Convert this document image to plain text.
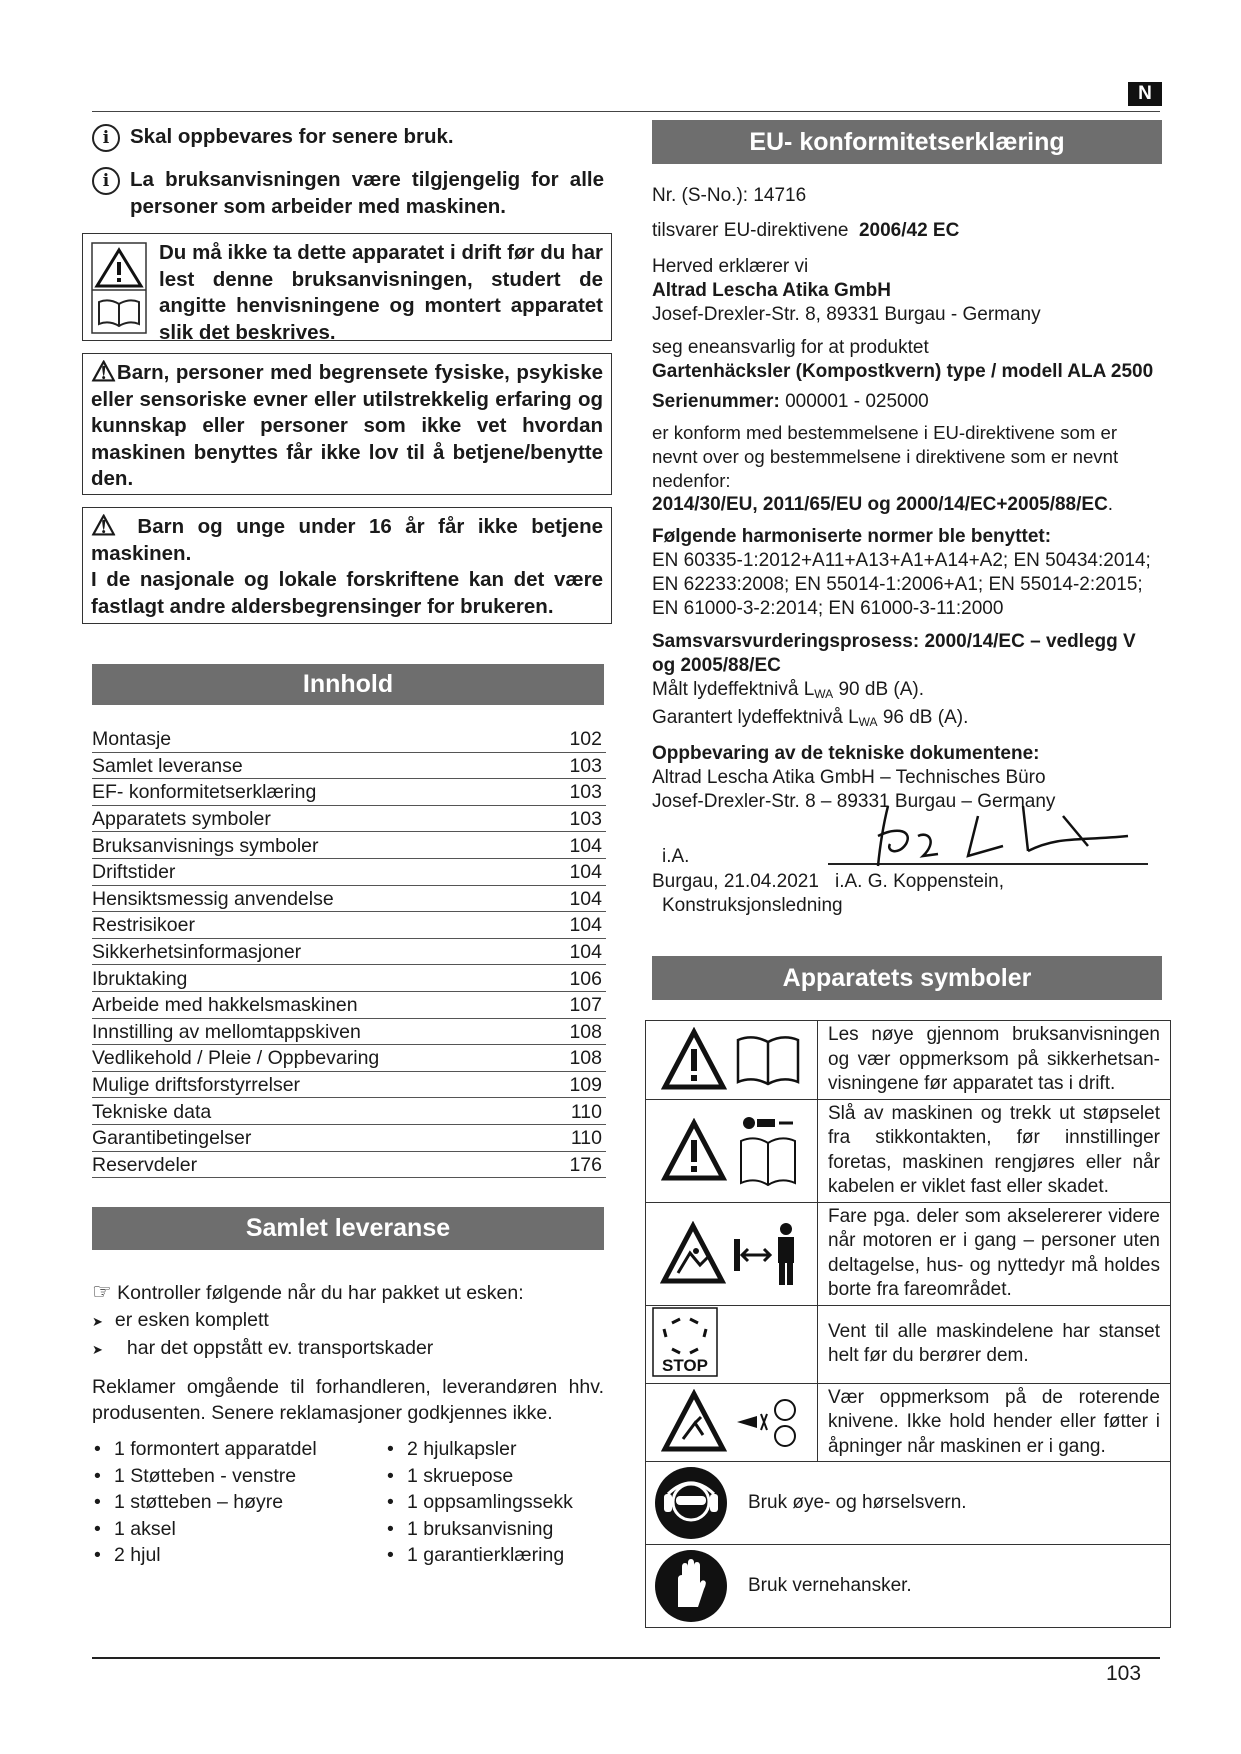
N
i	Skal oppbevares for senere bruk.
i	La bruksanvisningen være tilgjengelig for alle personer som arbeider med maskinen.

Du må ikke ta dette apparatet i drift før du har lest denne bruksanvisningen, studert de angitte henvisningene og montert apparatet slik det beskrives.

⚠Barn, personer med begrensete fysiske, psykiske eller sensoriske evner eller utilstrekkelig erfaring og kunnskap eller personer som ikke vet hvordan maskinen benyttes får ikke lov til å betjene/benytte den.

⚠ Barn og unge under 16 år får ikke betjene maskinen.

I de nasjonale og lokale forskriftene kan det være fastlagt andre aldersbegrensinger for brukeren.

Innhold
Montasje	102
Samlet leveranse	103
EF- konformitetserklæring	103
Apparatets symboler	103
Bruksanvisnings symboler	104
Driftstider	104
Hensiktsmessig anvendelse	104
Restrisikoer	104
Sikkerhetsinformasjoner	104
Ibruktaking	106
Arbeide med hakkelsmaskinen	107
Innstilling av mellomtappskiven	108
Vedlikehold / Pleie / Oppbevaring	108
Mulige driftsforstyrrelser	109
Tekniske data	110
Garantibetingelser	110
Reservdeler	176
Samlet leveranse
☞ Kontroller følgende når du har pakket ut esken:
➤ er esken komplett
➤ har det oppstått ev. transportskader
Reklamer omgående til forhandleren, leverandøren hhv. produsenten. Senere reklamasjoner godkjennes ikke.
• 1 formontert apparatdel
• 1 Støtteben - venstre
• 1 støtteben – høyre
• 1 aksel
• 2 hjul
• 2 hjulkapsler
• 1 skruepose
• 1 oppsamlingssekk
• 1 bruksanvisning
• 1 garantierklæring
EU- konformitetserklæring
Nr. (S-No.): 14716
tilsvarer EU-direktivene 2006/42 EC
Herved erklærer vi
Altrad Lescha Atika GmbH
Josef-Drexler-Str. 8, 89331 Burgau - Germany
seg eneansvarlig for at produktet
Gartenhäcksler (Kompostkvern) type / modell ALA 2500
Serienummer: 000001 - 025000
er konform med bestemmelsene i EU-direktivene som er nevnt over og bestemmelsene i direktivene som er nevnt nedenfor:
2014/30/EU, 2011/65/EU og 2000/14/EC+2005/88/EC.
Følgende harmoniserte normer ble benyttet:
EN 60335-1:2012+A11+A13+A1+A14+A2; EN 50434:2014;
EN 62233:2008; EN 55014-1:2006+A1; EN 55014-2:2015;
EN 61000-3-2:2014; EN 61000-3-11:2000
Samsvarsvurderingsprosess: 2000/14/EC – vedlegg V og 2005/88/EC
Målt lydeffektnivå $L_{WA}$ 90 dB (A).
Garantert lydeffektnivå $L_{WA}$ 96 dB (A).
Oppbevaring av de tekniske dokumentene:
Altrad Lescha Atika GmbH – Technisches Büro
Josef-Drexler-Str. 8 – 89331 Burgau – Germany
i.A.
Burgau, 21.04.2021 i.A. G. Koppenstein,
Konstruksjonsledning
Apparatets symboler
	Les nøye gjennom bruksanvisningen og vær oppmerksom på sikkerhetsan-visningene før apparatet tas i drift.

	Slå av maskinen og trekk ut støpselet fra stikkontakten, før innstillinger foretas, maskinen rengjøres eller når kabelen er viklet fast eller skadet.

	Fare pga. deler som akselererer videre når motoren er i gang – personer uten deltagelse, hus- og nyttedyr må holdes borte fra fareområdet.

STOP	Vent til alle maskindelene har stanset helt før du berører dem.

	Vær oppmerksom på de roterende knivene. Ikke hold hender eller føtter i åpninger når maskinen er i gang.

Bruk øye- og hørselsvern.	

Bruk vernehansker.	
103
